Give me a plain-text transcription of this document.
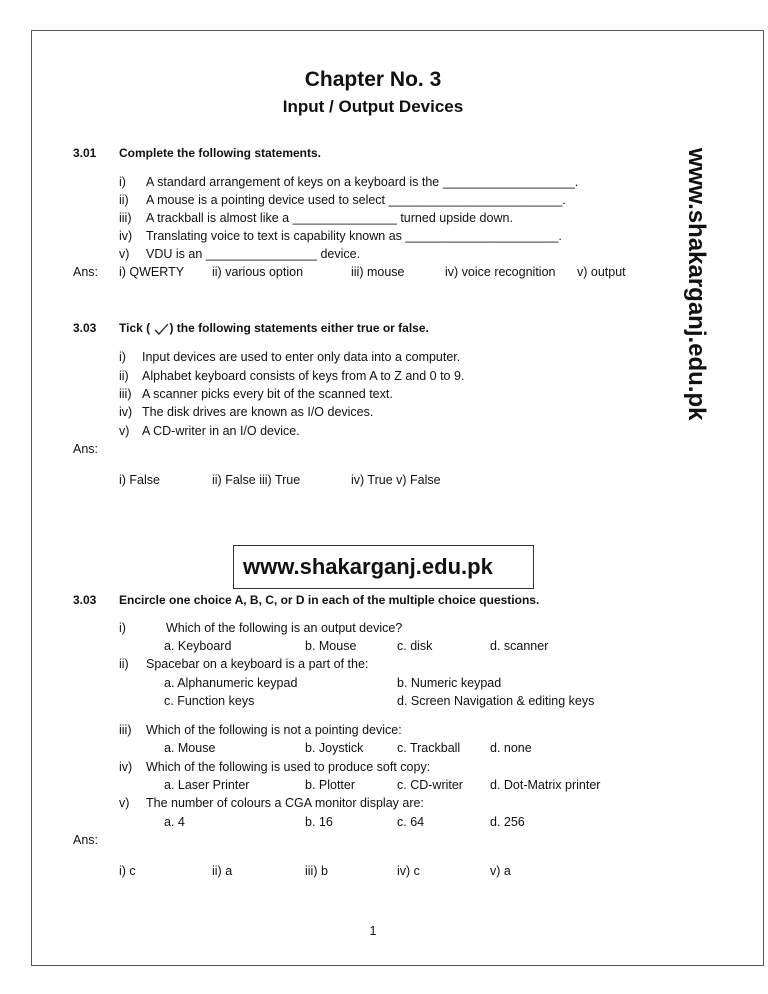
Chapter No. 3
Input / Output Devices
www.shakarganj.edu.pk
3.01 Complete the following statements.
i) A standard arrangement of keys on a keyboard is the ___________________.
ii) A mouse is a pointing device used to select _________________________.
iii) A trackball is almost like a _______________ turned upside down.
iv) Translating voice to text is capability known as ______________________.
v) VDU is an ________________ device.
Ans: i) QWERTY ii) various option	iii) mouse	iv) voice recognition v) output
3.03 Tick ( ) the following statements either true or false.
i) Input devices are used to enter only data into a computer.
ii) Alphabet keyboard consists of keys from A to Z and 0 to 9.
iii) A scanner picks every bit of the scanned text.
iv) The disk drives are known as I/O devices.
v) A CD-writer in an I/O device.
Ans:
i) False	ii) False iii) True	iv) True v) False
www.shakarganj.edu.pk
3.03 Encircle one choice A, B, C, or D in each of the multiple choice questions.
i)	Which of the following is an output device?
a. Keyboard	b. Mouse	c. disk	d. scanner
ii) Spacebar on a keyboard is a part of the:
a. Alphanumeric keypad	b. Numeric keypad
c. Function keys	d. Screen Navigation & editing keys
iii) Which of the following is not a pointing device:
a. Mouse	b. Joystick	c. Trackball d. none
iv) Which of the following is used to produce soft copy:
a. Laser Printer	b. Plotter	c. CD-writer d. Dot-Matrix printer
v) The number of colours a CGA monitor display are:
a. 4	b. 16	c. 64	d. 256
Ans:
i) c	ii) a	iii) b	iv) c	v) a
1
